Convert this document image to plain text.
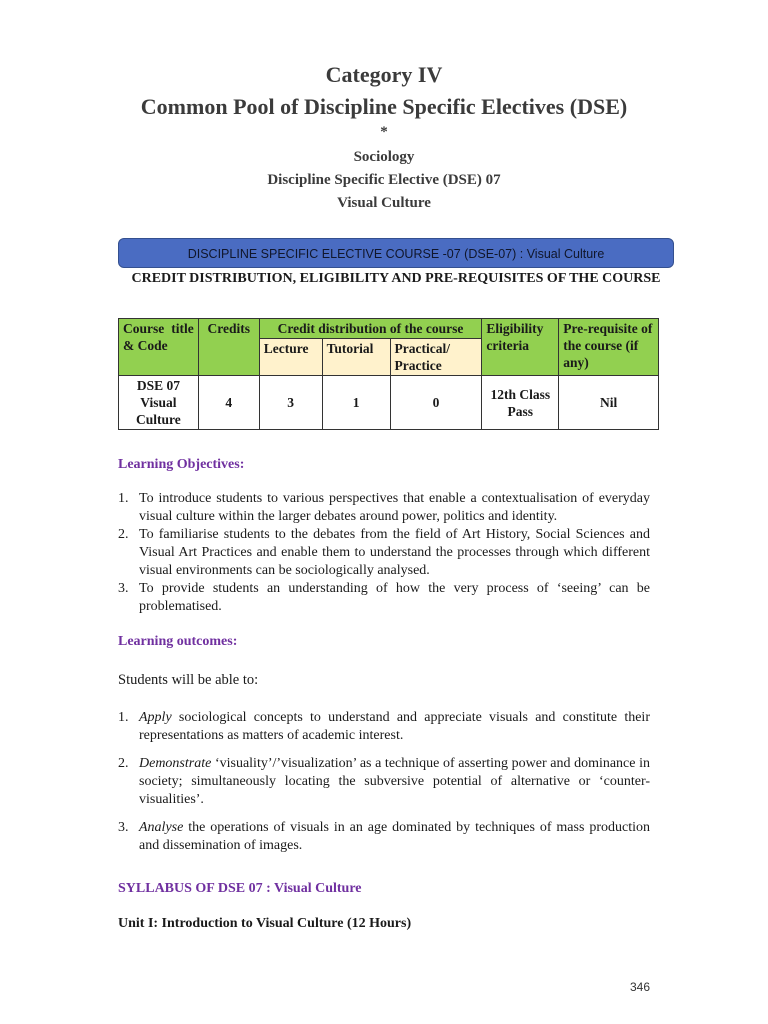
Category IV
Common Pool of Discipline Specific Electives (DSE)
*
Sociology
Discipline Specific Elective (DSE) 07
Visual Culture
DISCIPLINE SPECIFIC ELECTIVE COURSE -07 (DSE-07) : Visual Culture
CREDIT DISTRIBUTION, ELIGIBILITY AND PRE-REQUISITES OF THE COURSE
Course title & Code	Credits	Credit distribution of the course			Eligibility criteria	Pre-requisite of the course (if any)
		Lecture	Tutorial	Practical/ Practice		
DSE 07 Visual Culture	4	3	1	0	12th Class Pass	Nil
Learning Objectives:
1. To introduce students to various perspectives that enable a contextualisation of everyday visual culture within the larger debates around power, politics and identity.
2. To familiarise students to the debates from the field of Art History, Social Sciences and Visual Art Practices and enable them to understand the processes through which different visual environments can be sociologically analysed.
3. To provide students an understanding of how the very process of ‘seeing’ can be problematised.
Learning outcomes:
Students will be able to:
1. Apply sociological concepts to understand and appreciate visuals and constitute their representations as matters of academic interest.
2. Demonstrate ‘visuality’/’visualization’ as a technique of asserting power and dominance in society; simultaneously locating the subversive potential of alternative or ‘counter-visualities’.
3. Analyse the operations of visuals in an age dominated by techniques of mass production and dissemination of images.
SYLLABUS OF DSE 07 : Visual Culture
Unit I: Introduction to Visual Culture (12 Hours)
346
